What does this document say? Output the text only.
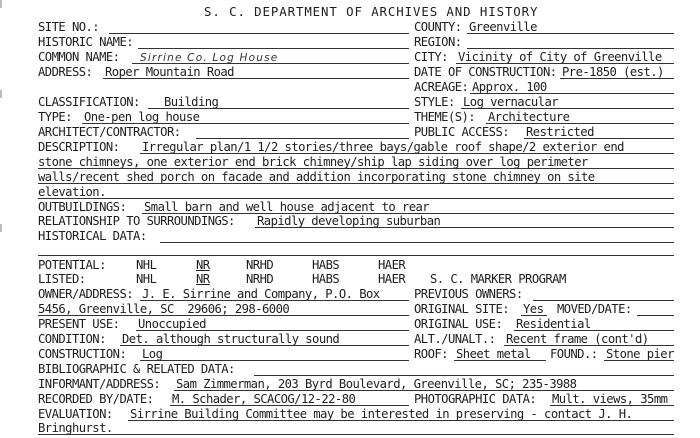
S. C. DEPARTMENT OF ARCHIVES AND HISTORY
SITE NO.:	COUNTY: Greenville
HISTORIC NAME:	REGION:
COMMON NAME: Sirrine Co. Log House	CITY: Vicinity of City of Greenville
ADDRESS: Roper Mountain Road	DATE OF CONSTRUCTION: Pre-1850 (est.)
ACREAGE: Approx. 100
CLASSIFICATION: Building	STYLE: Log vernacular
TYPE: One-pen log house	THEME(S): Architecture
ARCHITECT/CONTRACTOR:	PUBLIC ACCESS: Restricted
DESCRIPTION: Irregular plan/1 1/2 stories/three bays/gable roof shape/2 exterior end
stone chimneys, one exterior end brick chimney/ship lap siding over log perimeter
walls/recent shed porch on facade and addition incorporating stone chimney on site
elevation.
OUTBUILDINGS: Small barn and well house adjacent to rear
RELATIONSHIP TO SURROUNDINGS: Rapidly developing suburban
HISTORICAL DATA:
POTENTIAL: NHL	NR	NRHD	HABS	HAER
LISTED:	NHL	NR	NRHD	HABS	HAER S. C. MARKER PROGRAM
OWNER/ADDRESS: J. E. Sirrine and Company, P.O. Box	PREVIOUS OWNERS:
5456, Greenville, SC  29606; 298-6000	ORIGINAL SITE: Yes MOVED/DATE:
PRESENT USE: Unoccupied	ORIGINAL USE: Residential
CONDITION: Det. although structurally sound	ALT./UNALT.: Recent frame (cont'd)
CONSTRUCTION: Log	ROOF: Sheet metal FOUND.: Stone pier
BIBLIOGRAPHIC & RELATED DATA:
INFORMANT/ADDRESS: Sam Zimmerman, 203 Byrd Boulevard, Greenville, SC; 235-3988
RECORDED BY/DATE: M. Schader, SCACOG/12-22-80	PHOTOGRAPHIC DATA: Mult. views, 35mm
EVALUATION: Sirrine Building Committee may be interested in preserving - contact J. H.
Bringhurst.
